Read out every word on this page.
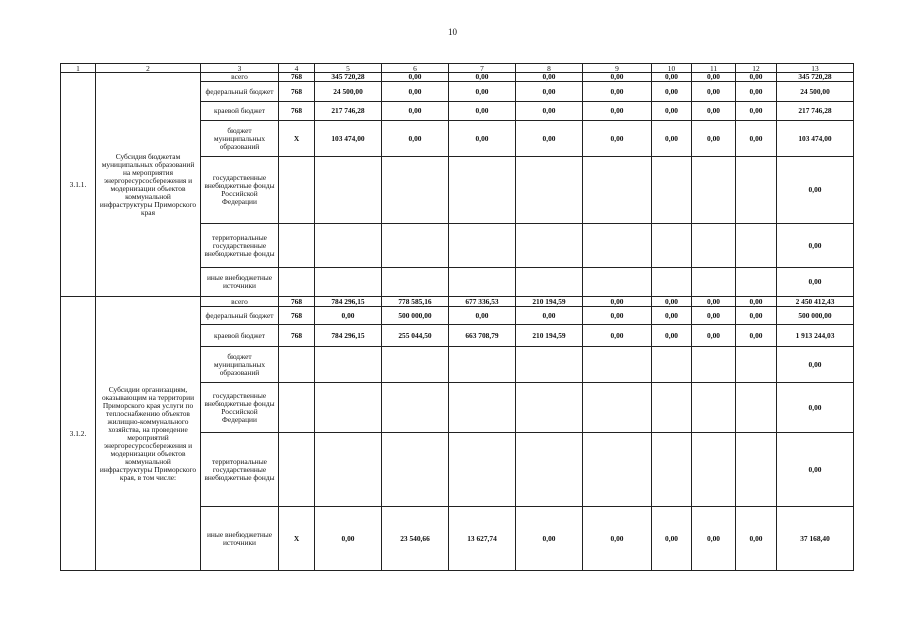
10
1	2	3	4	5	6	7	8	9	10	11	12	13
3.1.1.	Субсидия бюджетам муниципальных образований на мероприятия энергоресурсосбережения и модернизации объектов коммунальной инфраструктуры Приморского края	всего	768	345 720,28	0,00	0,00	0,00	0,00	0,00	0,00	0,00	345 720,28
		федеральный бюджет	768	24 500,00	0,00	0,00	0,00	0,00	0,00	0,00	0,00	24 500,00
		краевой бюджет	768	217 746,28	0,00	0,00	0,00	0,00	0,00	0,00	0,00	217 746,28
		бюджет муниципальных образований	X	103 474,00	0,00	0,00	0,00	0,00	0,00	0,00	0,00	103 474,00
		государственные внебюджетные фонды Российской Федерации										0,00
		территориальные государственные внебюджетные фонды										0,00
		иные внебюджетные источники										0,00
3.1.2.	Субсидии организациям, оказывающим на территории Приморского края услуги по теплоснабжению объектов жилищно-коммунального хозяйства, на проведение мероприятий энергоресурсосбережения и модернизации объектов коммунальной инфраструктуры Приморского края, в том числе:	всего	768	784 296,15	778 585,16	677 336,53	210 194,59	0,00	0,00	0,00	0,00	2 450 412,43
		федеральный бюджет	768	0,00	500 000,00	0,00	0,00	0,00	0,00	0,00	0,00	500 000,00
		краевой бюджет	768	784 296,15	255 044,50	663 708,79	210 194,59	0,00	0,00	0,00	0,00	1 913 244,03
		бюджет муниципальных образований										0,00
		государственные внебюджетные фонды Российской Федерации										0,00
		территориальные государственные внебюджетные фонды										0,00
		иные внебюджетные источники	X	0,00	23 540,66	13 627,74	0,00	0,00	0,00	0,00	0,00	37 168,40
